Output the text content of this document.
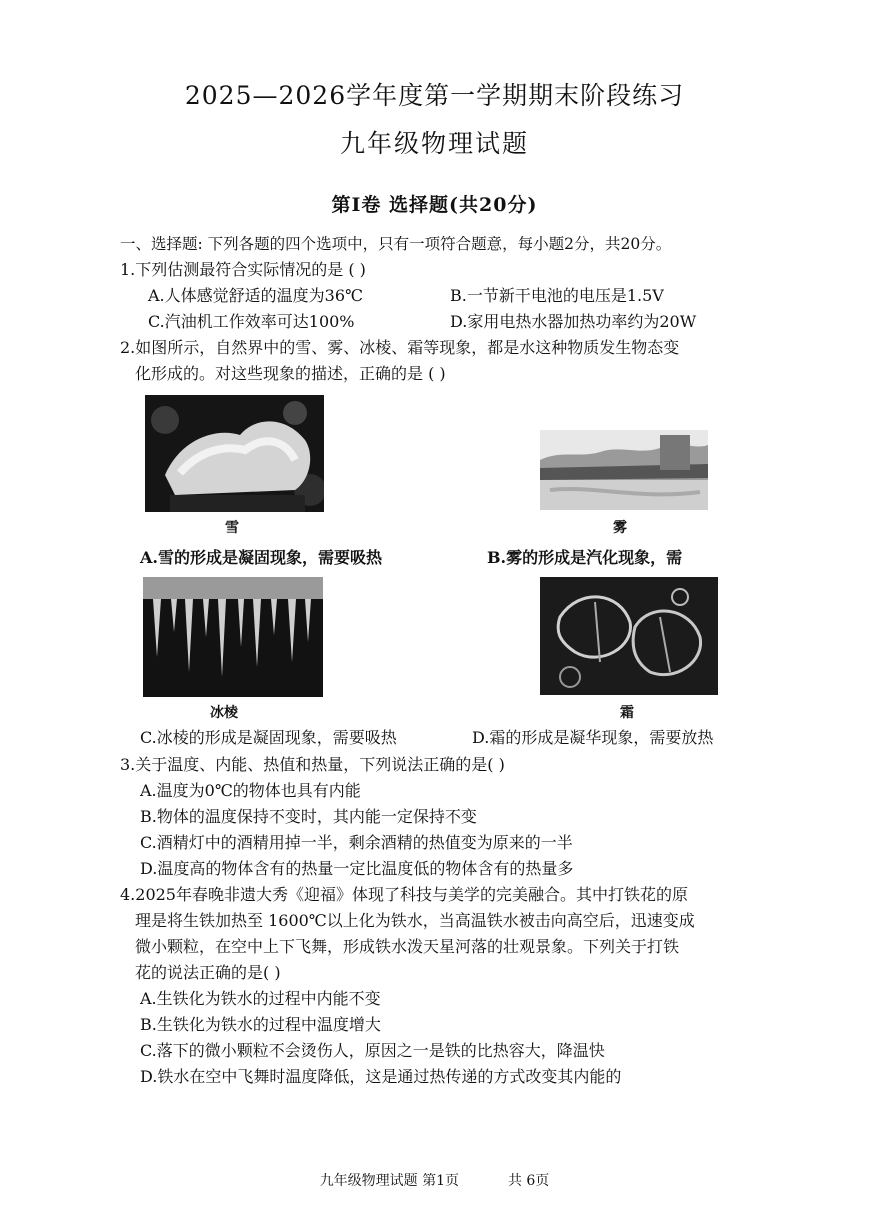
2025—2026学年度第一学期期末阶段练习
九年级物理试题
第Ⅰ卷 选择题(共20分)
一、选择题: 下列各题的四个选项中，只有一项符合题意，每小题2分，共20分。
1.下列估测最符合实际情况的是 ( )
A.人体感觉舒适的温度为36℃	B.一节新干电池的电压是1.5V
C.汽油机工作效率可达100%	D.家用电热水器加热功率约为20W
2.如图所示，自然界中的雪、雾、冰棱、霜等现象，都是水这种物质发生物态变
化形成的。对这些现象的描述，正确的是 ( )
雪	雾
A.雪的形成是凝固现象，需要吸热	B.雾的形成是汽化现象，需
冰棱	霜
C.冰棱的形成是凝固现象，需要吸热	D.霜的形成是凝华现象，需要放热
3.关于温度、内能、热值和热量，下列说法正确的是( )
A.温度为0℃的物体也具有内能
B.物体的温度保持不变时，其内能一定保持不变
C.酒精灯中的酒精用掉一半，剩余酒精的热值变为原来的一半
D.温度高的物体含有的热量一定比温度低的物体含有的热量多
4.2025年春晚非遗大秀《迎福》体现了科技与美学的完美融合。其中打铁花的原
理是将生铁加热至 1600℃以上化为铁水，当高温铁水被击向高空后，迅速变成
微小颗粒，在空中上下飞舞，形成铁水泼天星河落的壮观景象。下列关于打铁
花的说法正确的是( )
A.生铁化为铁水的过程中内能不变
B.生铁化为铁水的过程中温度增大
C.落下的微小颗粒不会烫伤人，原因之一是铁的比热容大，降温快
D.铁水在空中飞舞时温度降低，这是通过热传递的方式改变其内能的
九年级物理试题 第1页	共 6页
